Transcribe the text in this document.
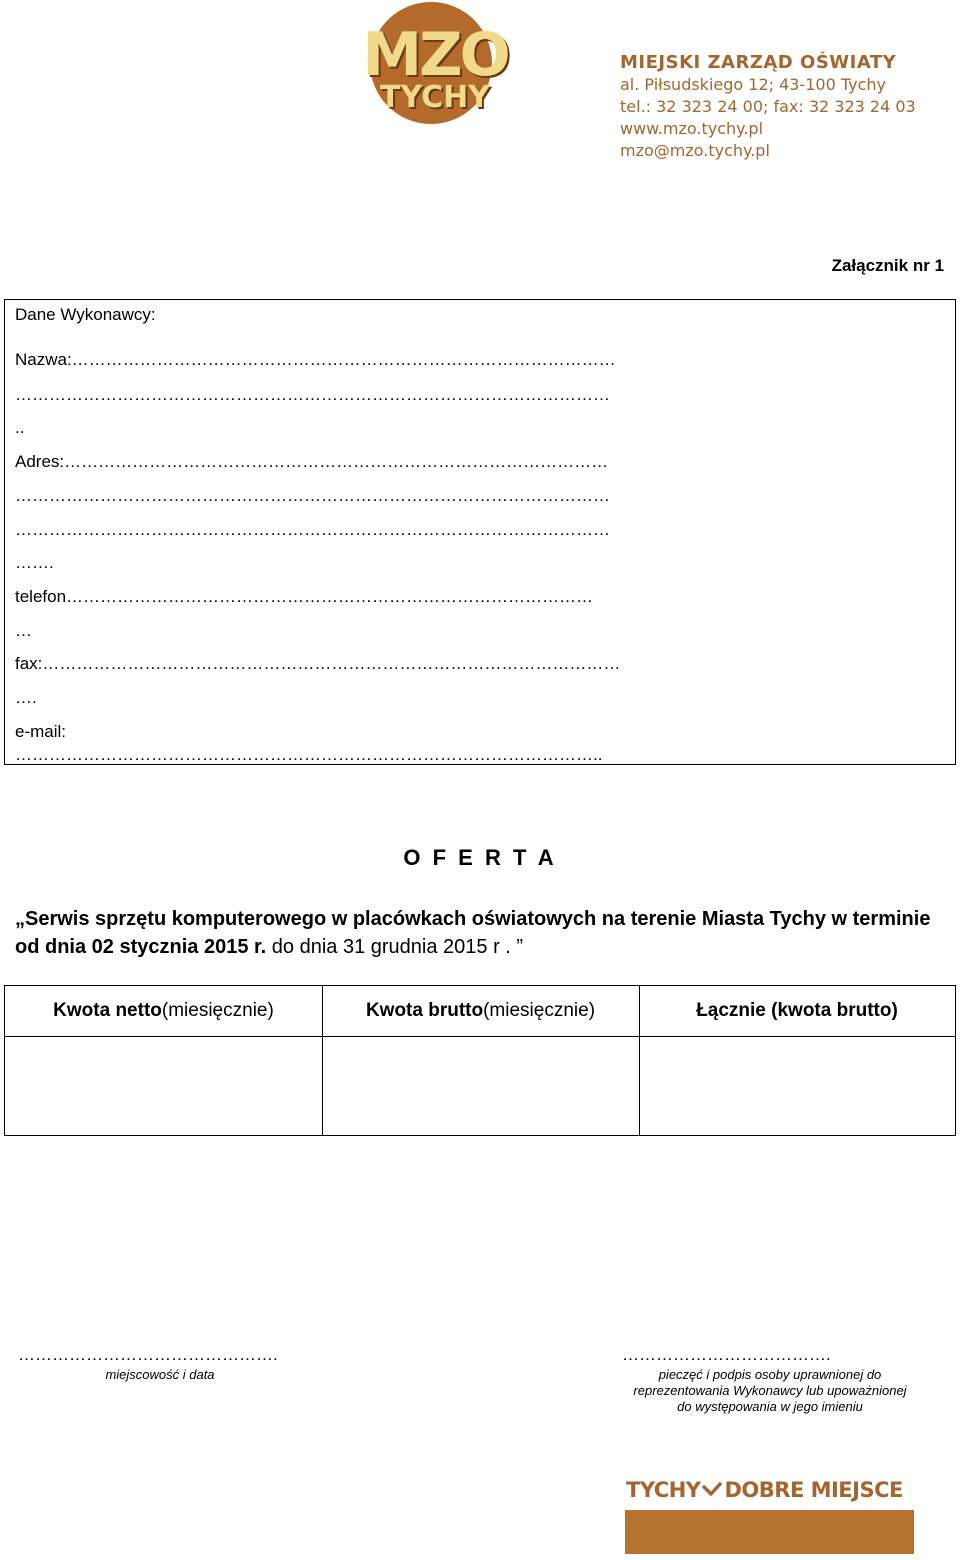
MZO
TYCHY
MIEJSKI ZARZĄD OŚWIATY
al. Piłsudskiego 12; 43-100 Tychy
tel.: 32 323 24 00; fax: 32 323 24 03
www.mzo.tychy.pl
mzo@mzo.tychy.pl
Załącznik nr 1
Dane Wykonawcy:
Nazwa:……………………………………………………………………………………
……………………………………………………………………………………………
..
Adres:……………………………………………………………………………………
……………………………………………………………………………………………
……………………………………………………………………………………………
…….
telefon…………………………………………………………………………………
…
fax:…………………………………………………………………………………………
….
e-mail:
…………………………………………………………………………………………..
O F E R T A
„Serwis sprzętu komputerowego w placówkach oświatowych na terenie Miasta Tychy w terminie od dnia 02 stycznia 2015 r. do dnia 31 grudnia 2015 r . ”
Kwota netto (miesięcznie)	Kwota brutto (miesięcznie)	Łącznie (kwota brutto)
……………………………………….
miejscowość i data
……………………………….
pieczęć i podpis osoby uprawnionej do
reprezentowania Wykonawcy lub upoważnionej
do występowania w jego imieniu
TYCHY DOBRE MIEJSCE
